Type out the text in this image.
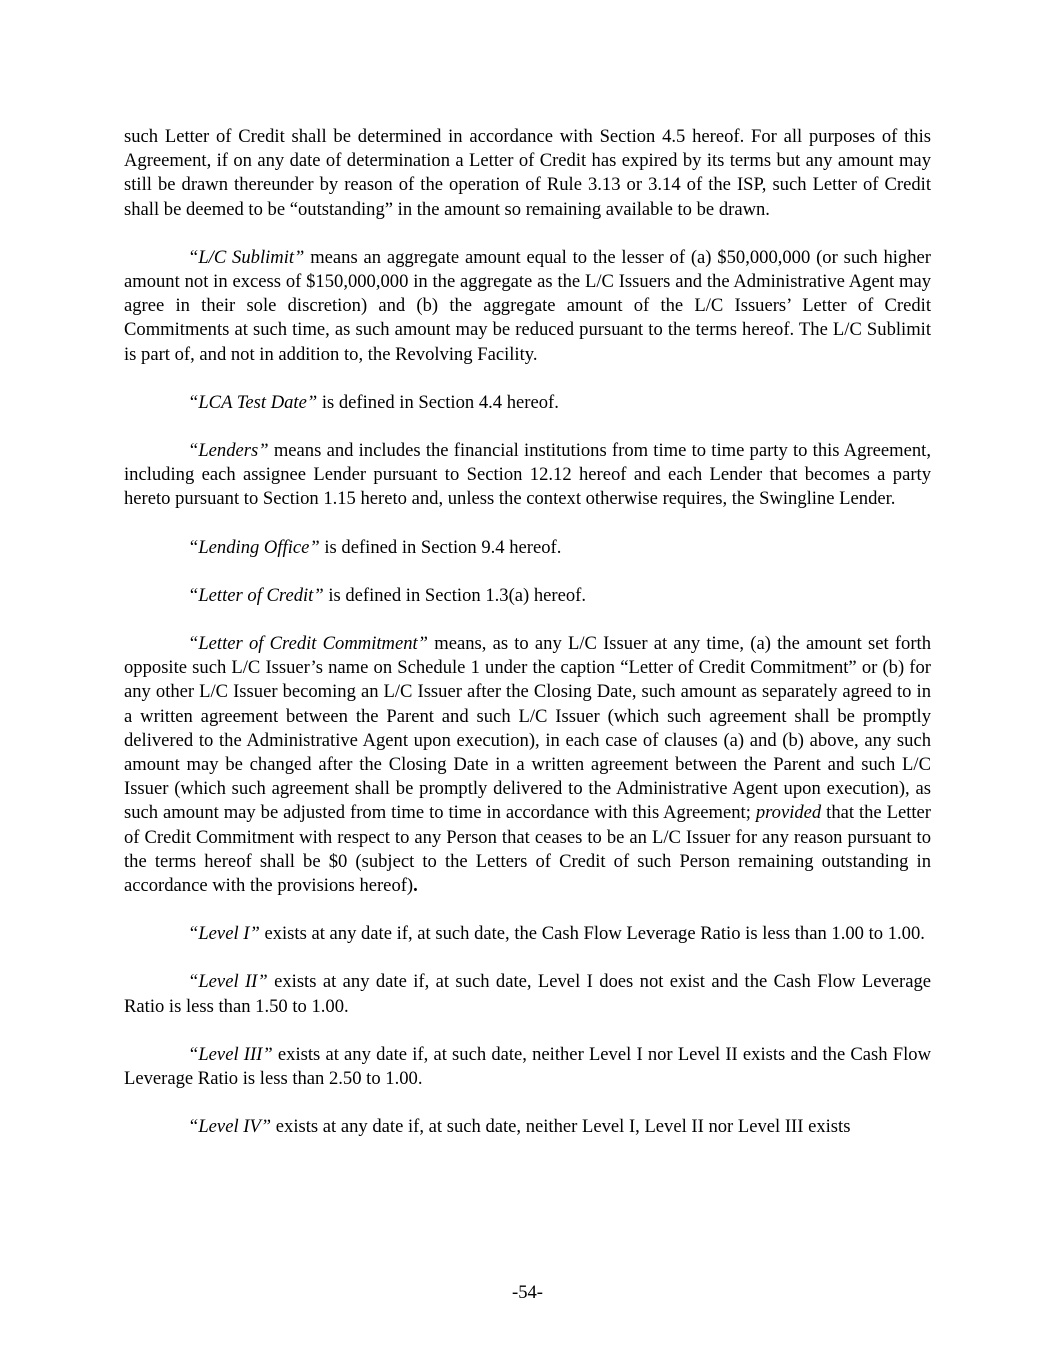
such Letter of Credit shall be determined in accordance with Section 4.5 hereof. For all purposes of this Agreement, if on any date of determination a Letter of Credit has expired by its terms but any amount may still be drawn thereunder by reason of the operation of Rule 3.13 or 3.14 of the ISP, such Letter of Credit shall be deemed to be “outstanding” in the amount so remaining available to be drawn.

“L/C Sublimit” means an aggregate amount equal to the lesser of (a) $50,000,000 (or such higher amount not in excess of $150,000,000 in the aggregate as the L/C Issuers and the Administrative Agent may agree in their sole discretion) and (b) the aggregate amount of the L/C Issuers’ Letter of Credit Commitments at such time, as such amount may be reduced pursuant to the terms hereof. The L/C Sublimit is part of, and not in addition to, the Revolving Facility.

“LCA Test Date” is defined in Section 4.4 hereof.

“Lenders” means and includes the financial institutions from time to time party to this Agreement, including each assignee Lender pursuant to Section 12.12 hereof and each Lender that becomes a party hereto pursuant to Section 1.15 hereto and, unless the context otherwise requires, the Swingline Lender.

“Lending Office” is defined in Section 9.4 hereof.

“Letter of Credit” is defined in Section 1.3(a) hereof.

“Letter of Credit Commitment” means, as to any L/C Issuer at any time, (a) the amount set forth opposite such L/C Issuer’s name on Schedule 1 under the caption “Letter of Credit Commitment” or (b) for any other L/C Issuer becoming an L/C Issuer after the Closing Date, such amount as separately agreed to in a written agreement between the Parent and such L/C Issuer (which such agreement shall be promptly delivered to the Administrative Agent upon execution), in each case of clauses (a) and (b) above, any such amount may be changed after the Closing Date in a written agreement between the Parent and such L/C Issuer (which such agreement shall be promptly delivered to the Administrative Agent upon execution), as such amount may be adjusted from time to time in accordance with this Agreement; provided that the Letter of Credit Commitment with respect to any Person that ceases to be an L/C Issuer for any reason pursuant to the terms hereof shall be $0 (subject to the Letters of Credit of such Person remaining outstanding in accordance with the provisions hereof).

“Level I” exists at any date if, at such date, the Cash Flow Leverage Ratio is less than 1.00 to 1.00.

“Level II” exists at any date if, at such date, Level I does not exist and the Cash Flow Leverage Ratio is less than 1.50 to 1.00.

“Level III” exists at any date if, at such date, neither Level I nor Level II exists and the Cash Flow Leverage Ratio is less than 2.50 to 1.00.

“Level IV” exists at any date if, at such date, neither Level I, Level II nor Level III exists

-54-
